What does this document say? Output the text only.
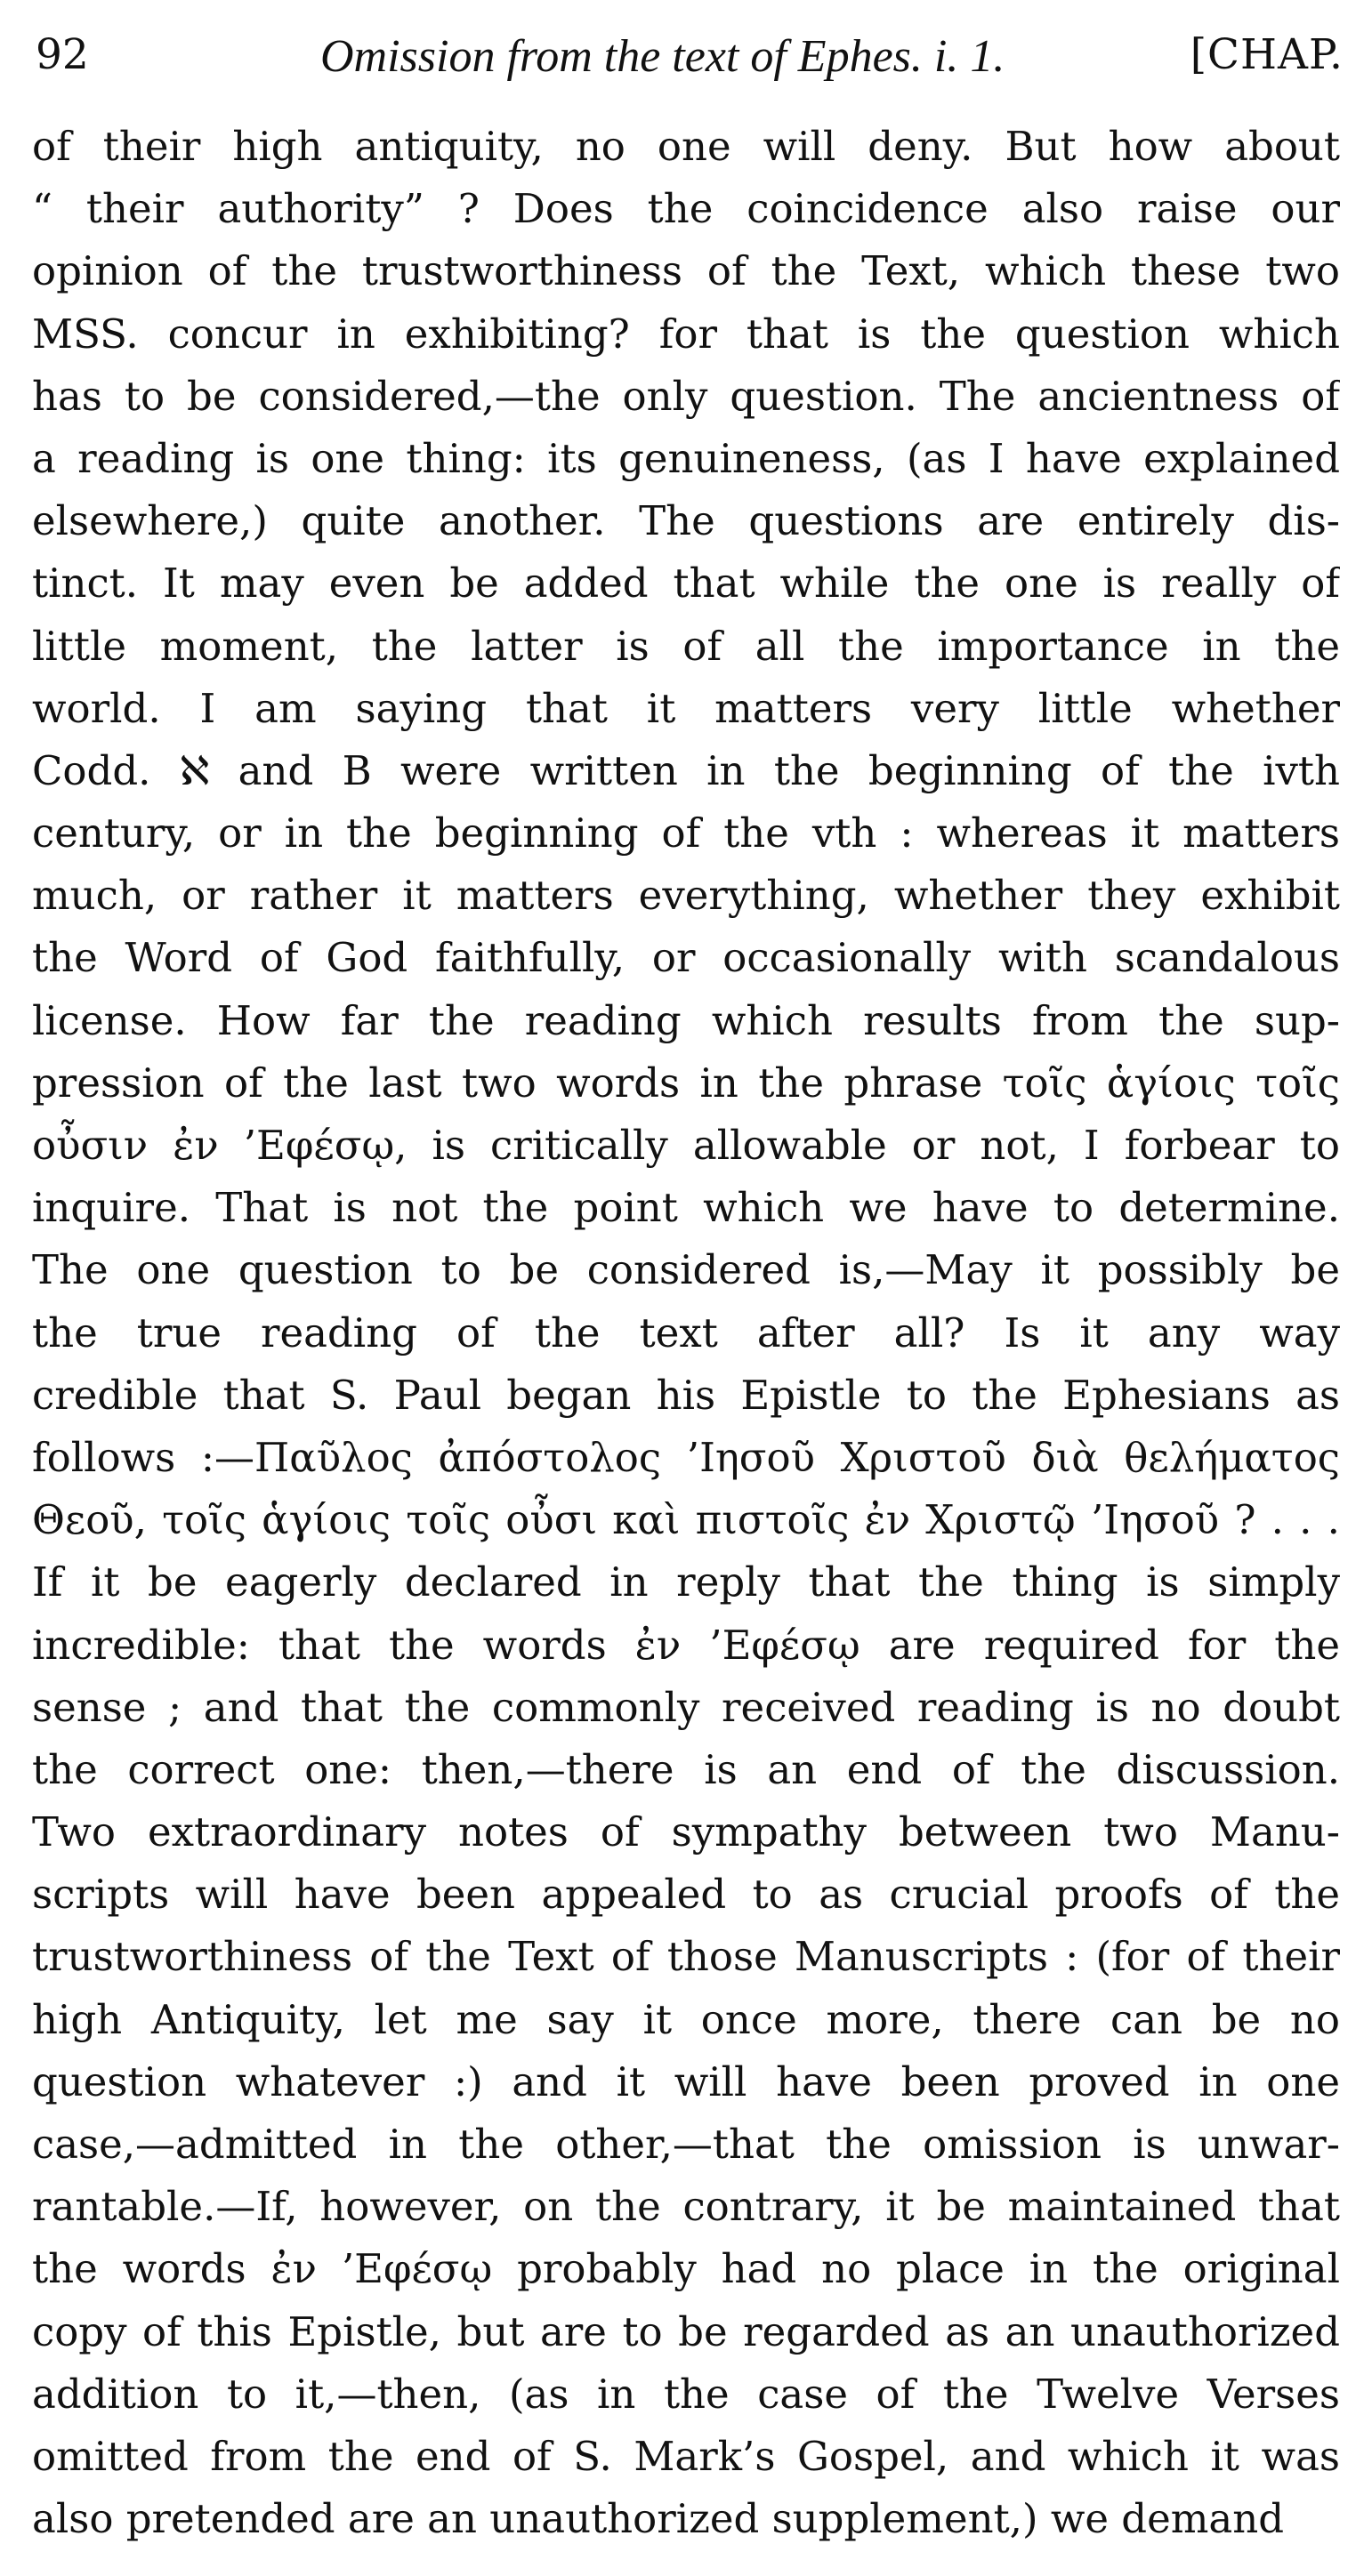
92	Omission from the text of Ephes. i. 1.	[CHAP.
of their high antiquity, no one will deny. But how about
“ their authority” ? Does the coincidence also raise our
opinion of the trustworthiness of the Text, which these two
MSS. concur in exhibiting? for that is the question which
has to be considered,—the only question. The ancientness of
a reading is one thing: its genuineness, (as I have explained
elsewhere,) quite another. The questions are entirely dis-
tinct. It may even be added that while the one is really of
little moment, the latter is of all the importance in the
world. I am saying that it matters very little whether
Codd. ℵ and B were written in the beginning of the ivth
century, or in the beginning of the vth : whereas it matters
much, or rather it matters everything, whether they exhibit
the Word of God faithfully, or occasionally with scandalous
license. How far the reading which results from the sup-
pression of the last two words in the phrase τοῖς ἁγίοις τοῖς
οὖσιν ἐν ’Εφέσῳ, is critically allowable or not, I forbear to
inquire. That is not the point which we have to determine.
The one question to be considered is,—May it possibly be
the true reading of the text after all? Is it any way
credible that S. Paul began his Epistle to the Ephesians as
follows :—Παῦλος ἀπόστολος ’Ιησοῦ Χριστοῦ διὰ θελήματος
Θεοῦ, τοῖς ἁγίοις τοῖς οὖσι καὶ πιστοῖς ἐν Χριστῷ ’Ιησοῦ ? . . .
If it be eagerly declared in reply that the thing is simply
incredible: that the words ἐν ’Εφέσῳ are required for the
sense ; and that the commonly received reading is no doubt
the correct one: then,—there is an end of the discussion.
Two extraordinary notes of sympathy between two Manu-
scripts will have been appealed to as crucial proofs of the
trustworthiness of the Text of those Manuscripts : (for of their
high Antiquity, let me say it once more, there can be no
question whatever :) and it will have been proved in one
case,—admitted in the other,—that the omission is unwar-
rantable.—If, however, on the contrary, it be maintained that
the words ἐν ’Εφέσῳ probably had no place in the original
copy of this Epistle, but are to be regarded as an unauthorized
addition to it,—then, (as in the case of the Twelve Verses
omitted from the end of S. Mark’s Gospel, and which it was
also pretended are an unauthorized supplement,) we demand
